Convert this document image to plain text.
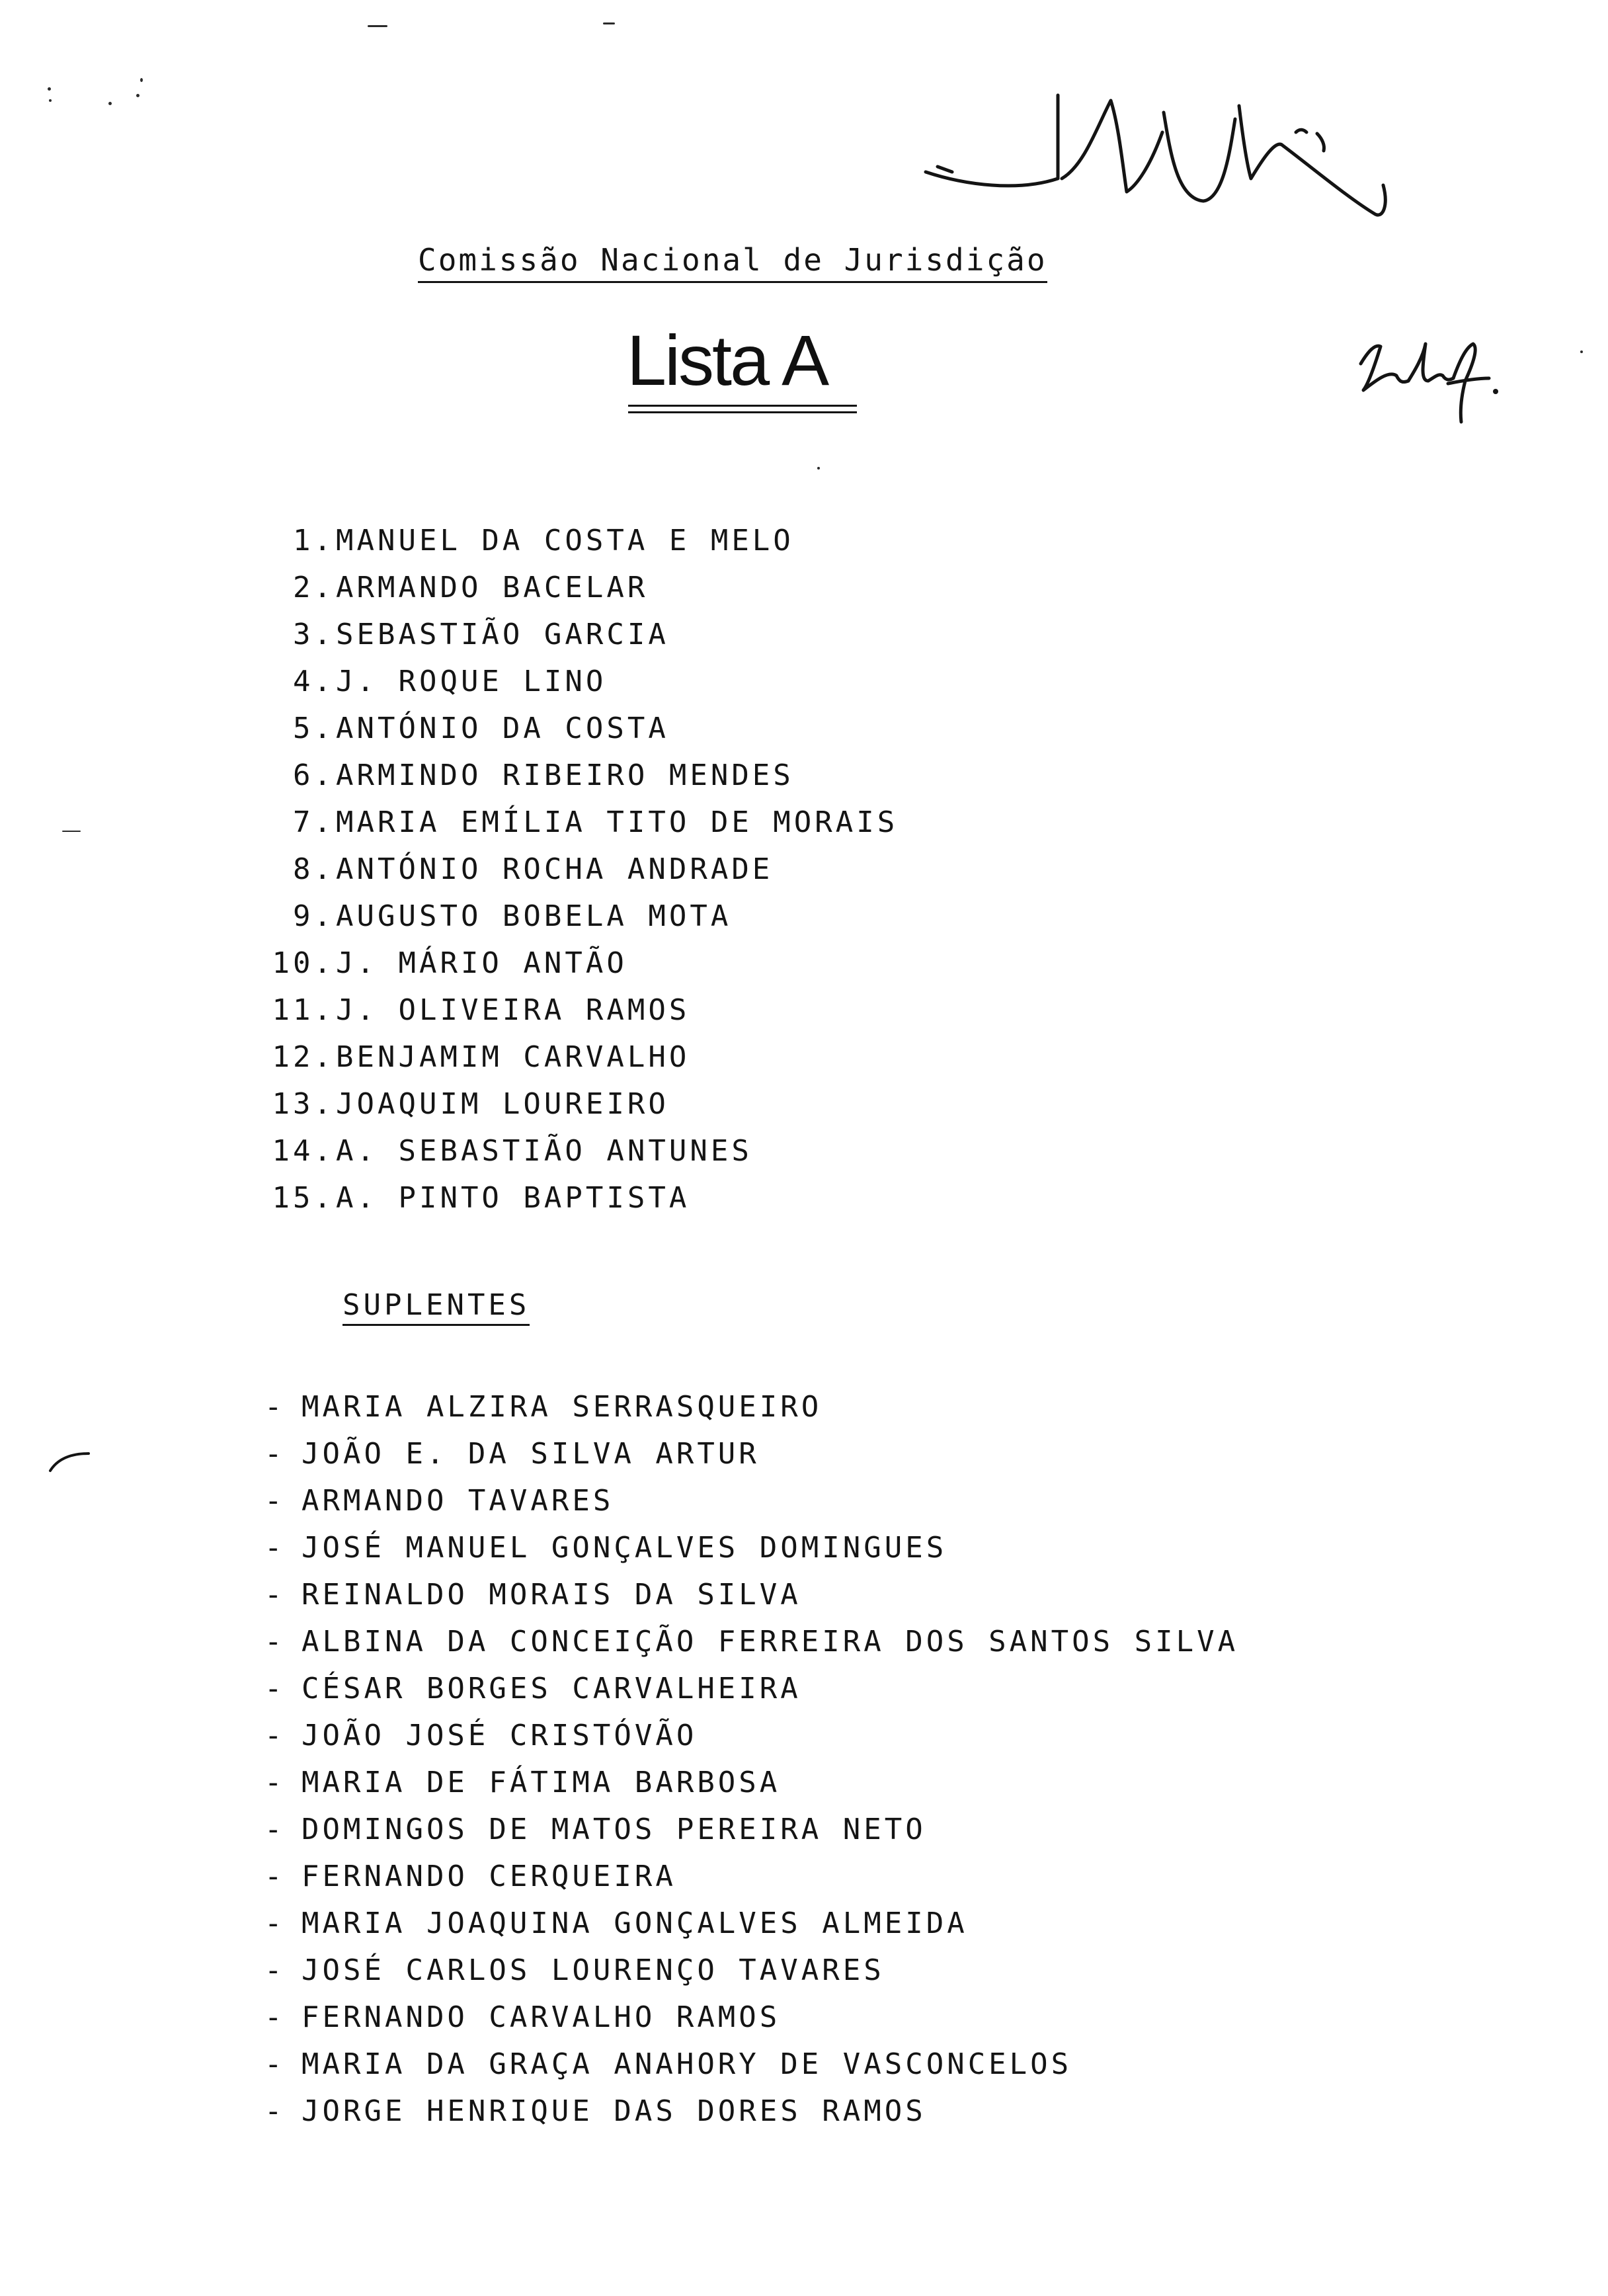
Comissão Nacional de Jurisdição
Lista A
1. MANUEL DA COSTA E MELO
2. ARMANDO BACELAR
3. SEBASTIÃO GARCIA
4. J. ROQUE LINO
5. ANTÓNIO DA COSTA
6. ARMINDO RIBEIRO MENDES
7. MARIA EMÍLIA TITO DE MORAIS
8. ANTÓNIO ROCHA ANDRADE
9. AUGUSTO BOBELA MOTA
10. J. MÁRIO ANTÃO
11. J. OLIVEIRA RAMOS
12. BENJAMIM CARVALHO
13. JOAQUIM LOUREIRO
14. A. SEBASTIÃO ANTUNES
15. A. PINTO BAPTISTA
SUPLENTES
- MARIA ALZIRA SERRASQUEIRO
- JOÃO E. DA SILVA ARTUR
- ARMANDO TAVARES
- JOSÉ MANUEL GONÇALVES DOMINGUES
- REINALDO MORAIS DA SILVA
- ALBINA DA CONCEIÇÃO FERREIRA DOS SANTOS SILVA
- CÉSAR BORGES CARVALHEIRA
- JOÃO JOSÉ CRISTÓVÃO
- MARIA DE FÁTIMA BARBOSA
- DOMINGOS DE MATOS PEREIRA NETO
- FERNANDO CERQUEIRA
- MARIA JOAQUINA GONÇALVES ALMEIDA
- JOSÉ CARLOS LOURENÇO TAVARES
- FERNANDO CARVALHO RAMOS
- MARIA DA GRAÇA ANAHORY DE VASCONCELOS
- JORGE HENRIQUE DAS DORES RAMOS
